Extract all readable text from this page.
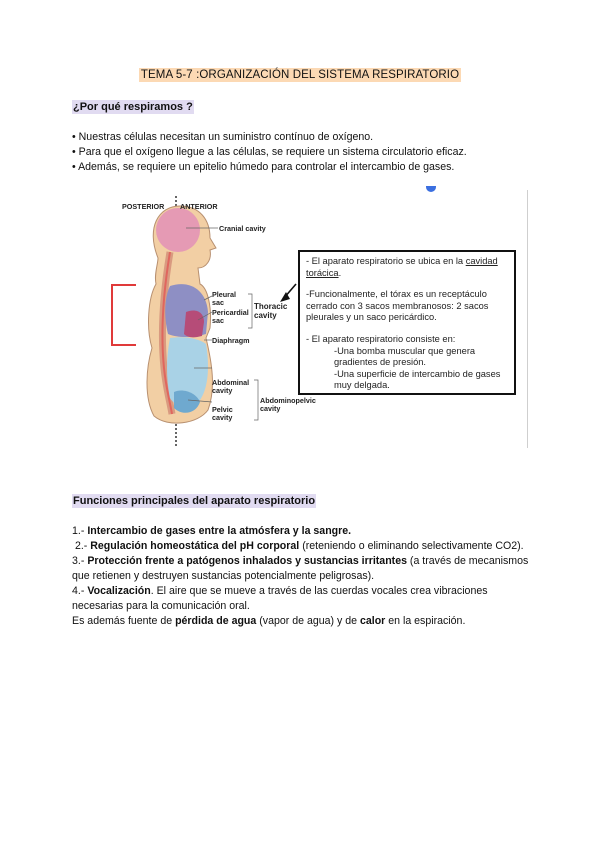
TEMA 5-7 :ORGANIZACIÓN DEL SISTEMA RESPIRATORIO
¿Por qué respiramos ?
• Nuestras células necesitan un suministro contínuo de oxígeno.
• Para que el oxígeno llegue a las células, se requiere un sistema circulatorio eficaz.
• Además, se requiere un epitelio húmedo para controlar el intercambio de gases.
POSTERIOR ANTERIOR
Cranial cavity
Pleural sac
Pericardial sac
Thoracic cavity
Diaphragm
Abdominal cavity
Pelvic cavity
Abdominopelvic cavity
- El aparato respiratorio se ubica en la cavidad torácica.
-Funcionalmente, el tórax es un receptáculo cerrado con 3 sacos membranosos: 2 sacos pleurales y un saco pericárdico.
- El aparato respiratorio consiste en:
-Una bomba muscular que genera gradientes de presión.
-Una superficie de intercambio de gases muy delgada.
Funciones principales del aparato respiratorio
1.- Intercambio de gases entre la atmósfera y la sangre.
2.- Regulación homeostática del pH corporal (reteniendo o eliminando selectivamente CO2).
3.- Protección frente a patógenos inhalados y sustancias irritantes (a través de mecanismos que retienen y destruyen sustancias potencialmente peligrosas).
4.- Vocalización. El aire que se mueve a través de las cuerdas vocales crea vibraciones necesarias para la comunicación oral.
Es además fuente de pérdida de agua (vapor de agua) y de calor en la espiración.
